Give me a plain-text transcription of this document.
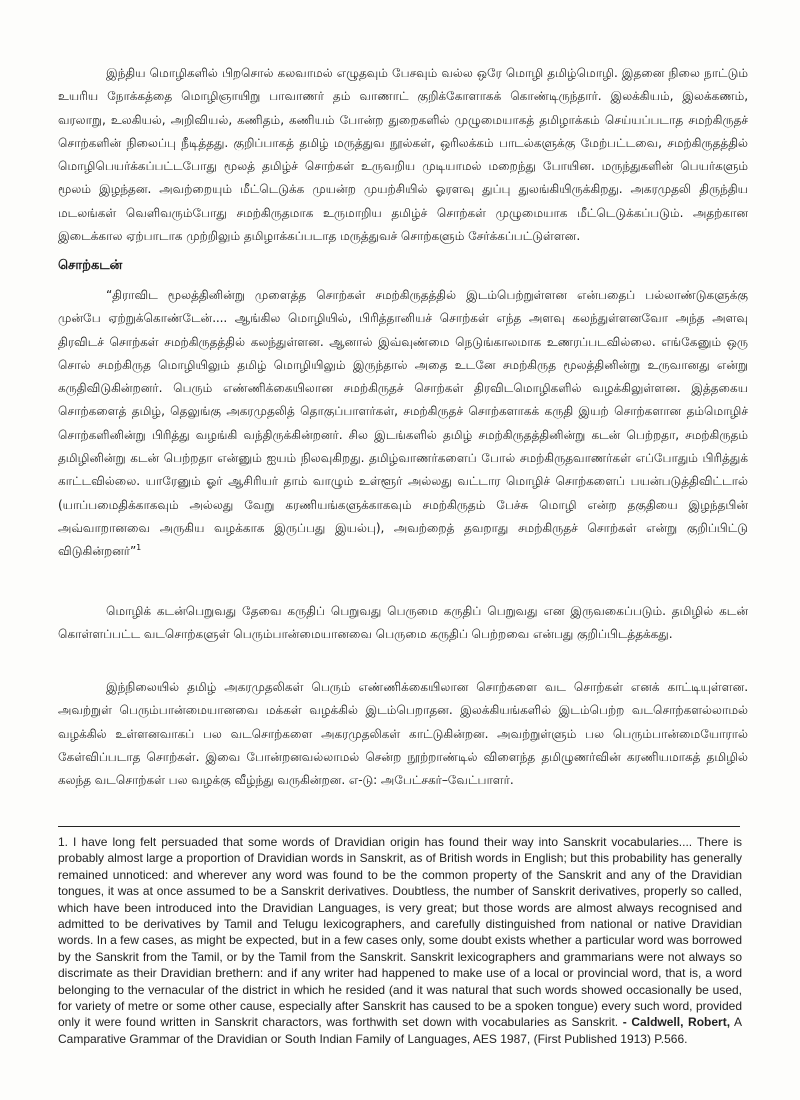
இந்திய மொழிகளில் பிறசொல் கலவாமல் எழுதவும் பேசவும் வல்ல ஒரே மொழி தமிழ்மொழி. இதனை நிலை நாட்டும் உயரிய நோக்கத்தை மொழிஞாயிறு பாவாணர் தம் வாணாட் குறிக்கோளாகக் கொண்டிருந்தார். இலக்கியம், இலக்கணம், வரலாறு, உலகியல், அறிவியல், கணிதம், கணியம் போன்ற துறைகளில் முழுமையாகத் தமிழாக்கம் செய்யப்படாத சமற்கிருதச் சொற்களின் நிலைப்பு நீடித்தது. குறிப்பாகத் தமிழ் மருத்துவ நூல்கள், ஒரிலக்கம் பாடல்களுக்கு மேற்பட்டவை, சமற்கிருதத்தில் மொழிபெயர்க்கப்பட்டபோது மூலத் தமிழ்ச் சொற்கள் உருவறிய முடியாமல் மறைந்து போயின. மருந்துகளின் பெயர்களும் மூலம் இழந்தன. அவற்றையும் மீட்டெடுக்க முயன்ற முயற்சியில் ஓரளவு துப்பு துலங்கியிருக்கிறது. அகரமுதலி திருந்திய மடலங்கள் வெளிவரும்போது சமற்கிருதமாக உருமாறிய தமிழ்ச் சொற்கள் முழுமையாக மீட்டெடுக்கப்படும். அதற்கான இடைக்கால ஏற்பாடாக முற்றிலும் தமிழாக்கப்படாத மருத்துவச் சொற்களும் சேர்க்கப்பட்டுள்ளன.

சொற்கடன்

“திராவிட மூலத்தினின்று முளைத்த சொற்கள் சமற்கிருதத்தில் இடம்பெற்றுள்ளன என்பதைப் பல்லாண்டுகளுக்கு முன்பே ஏற்றுக்கொண்டேன்.... ஆங்கில மொழியில், பிரித்தானியச் சொற்கள் எந்த அளவு கலந்துள்ளனவோ அந்த அளவு திரவிடச் சொற்கள் சமற்கிருதத்தில் கலந்துள்ளன. ஆனால் இவ்வுண்மை நெடுங்காலமாக உணரப்படவில்லை. எங்கேனும் ஒரு சொல் சமற்கிருத மொழியிலும் தமிழ் மொழியிலும் இருந்தால் அதை உடனே சமற்கிருத மூலத்தினின்று உருவானது என்று கருதிவிடுகின்றனர். பெரும் எண்ணிக்கையிலான சமற்கிருதச் சொற்கள் திரவிடமொழிகளில் வழக்கிலுள்ளன. இத்தகைய சொற்களைத் தமிழ், தெலுங்கு அகரமுதலித் தொகுப்பாளர்கள், சமற்கிருதச் சொற்களாகக் கருதி இயற் சொற்களான தம்மொழிச் சொற்களினின்று பிரித்து வழங்கி வந்திருக்கின்றனர். சில இடங்களில் தமிழ் சமற்கிருதத்தினின்று கடன் பெற்றதா, சமற்கிருதம் தமிழினின்று கடன் பெற்றதா என்னும் ஐயம் நிலவுகிறது. தமிழ்வாணர்களைப் போல் சமற்கிருதவாணர்கள் எப்போதும் பிரித்துக் காட்டவில்லை. யாரேனும் ஓர் ஆசிரியர் தாம் வாழும் உள்ளூர் அல்லது வட்டார மொழிச் சொற்களைப் பயன்படுத்திவிட்டால் (யாப்பமைதிக்காகவும் அல்லது வேறு கரணியங்களுக்காகவும் சமற்கிருதம் பேச்சு மொழி என்ற தகுதியை இழந்தபின் அவ்வாறானவை அருகிய வழக்காக இருப்பது இயல்பு), அவற்றைத் தவறாது சமற்கிருதச் சொற்கள் என்று குறிப்பிட்டு விடுகின்றனர்”$^1$

மொழிக் கடன்பெறுவது தேவை கருதிப் பெறுவது பெருமை கருதிப் பெறுவது என இருவகைப்படும். தமிழில் கடன் கொள்ளப்பட்ட வடசொற்களுள் பெரும்பான்மையானவை பெருமை கருதிப் பெற்றவை என்பது குறிப்பிடத்தக்கது.

இந்நிலையில் தமிழ் அகரமுதலிகள் பெரும் எண்ணிக்கையிலான சொற்களை வட சொற்கள் எனக் காட்டியுள்ளன. அவற்றுள் பெரும்பான்மையானவை மக்கள் வழக்கில் இடம்பெறாதன. இலக்கியங்களில் இடம்பெற்ற வடசொற்களல்லாமல் வழக்கில் உள்ளனவாகப் பல வடசொற்களை அகரமுதலிகள் காட்டுகின்றன. அவற்றுள்ளும் பல பெரும்பான்மையோரால் கேள்விப்படாத சொற்கள். இவை போன்றனவல்லாமல் சென்ற நூற்றாண்டில் விளைந்த தமிழுணர்வின் கரணியமாகத் தமிழில் கலந்த வடசொற்கள் பல வழக்கு வீழ்ந்து வருகின்றன. எ-டு: அபேட்சகர்–வேட்பாளர்.

1. I have long felt persuaded that some words of Dravidian origin has found their way into Sanskrit vocabularies.... There is probably almost large a proportion of Dravidian words in Sanskrit, as of British words in English; but this probability has generally remained unnoticed: and wherever any word was found to be the common property of the Sanskrit and any of the Dravidian tongues, it was at once assumed to be a Sanskrit derivatives. Doubtless, the number of Sanskrit derivatives, properly so called, which have been introduced into the Dravidian Languages, is very great; but those words are almost always recognised and admitted to be derivatives by Tamil and Telugu lexicographers, and carefully distinguished from national or native Dravidian words. In a few cases, as might be expected, but in a few cases only, some doubt exists whether a particular word was borrowed by the Sanskrit from the Tamil, or by the Tamil from the Sanskrit. Sanskrit lexicographers and grammarians were not always so discrimate as their Dravidian brethern: and if any writer had happened to make use of a local or provincial word, that is, a word belonging to the vernacular of the district in which he resided (and it was natural that such words showed occasionally be used, for variety of metre or some other cause, especially after Sanskrit has caused to be a spoken tongue) every such word, provided only it were found written in Sanskrit charactors, was forthwith set down with vocabularies as Sanskrit. - Caldwell, Robert, A Camparative Grammar of the Dravidian or South Indian Family of Languages, AES 1987, (First Published 1913) P.566.
